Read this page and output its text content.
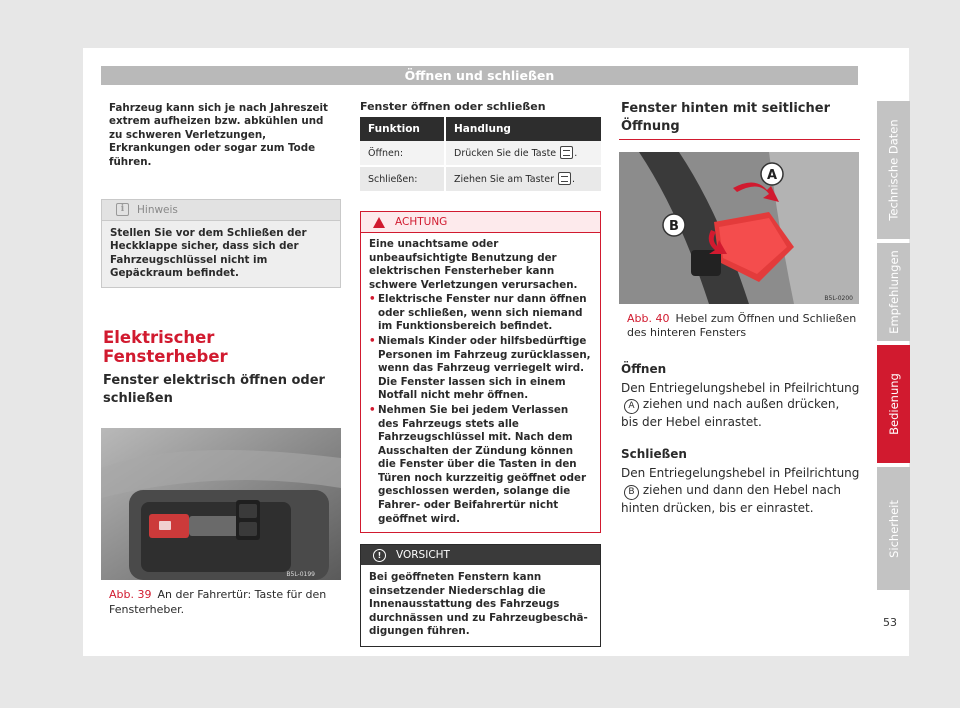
Öffnen und schließen
Fahrzeug kann sich je nach Jahreszeit extrem aufheizen bzw. abkühlen und zu schweren Verletzungen, Erkrankungen oder sogar zum Tode führen.
i	Hinweis
Stellen Sie vor dem Schließen der Heckklappe sicher, dass sich der Fahrzeugschlüssel nicht im Gepäckraum befindet.
Elektrischer Fensterheber
Fenster elektrisch öffnen oder schließen
B5L-0199
Abb. 39 An der Fahrertür: Taste für den Fensterheber.
Fenster öffnen oder schließen
Funktion	Handlung
Öffnen:	Drücken Sie die Taste .
Schließen:	Ziehen Sie am Taster .
ACHTUNG

Eine unachtsame oder unbeaufsichtigte Benutzung der elektrischen Fensterheber kann schwere Verletzungen verursachen.

• Elektrische Fenster nur dann öffnen oder schließen, wenn sich niemand im Funktionsbereich befindet.
• Niemals Kinder oder hilfsbedürftige Personen im Fahrzeug zurücklassen, wenn das Fahrzeug verriegelt wird. Die Fenster lassen sich in einem Notfall nicht mehr öffnen.
• Nehmen Sie bei jedem Verlassen des Fahrzeugs stets alle Fahrzeugschlüssel mit. Nach dem Ausschalten der Zündung können die Fenster über die Tasten in den Türen noch kurzzeitig geöffnet oder geschlossen werden, solange die Fahrer- oder Beifahrertür nicht geöffnet wird.
!	VORSICHT
Bei geöffneten Fenstern kann einsetzender Niederschlag die Innenausstattung des Fahrzeugs durchnässen und zu Fahrzeugbeschädigungen führen.
Fenster hinten mit seitlicher Öffnung
A
B
B5L-0200
Abb. 40 Hebel zum Öffnen und Schließen des hinteren Fensters

Öffnen

Den Entriegelungshebel in PfeilrichtungA ziehen und nach außen drücken, bis der Hebel einrastet.

Schließen

Den Entriegelungshebel in PfeilrichtungB ziehen und dann den Hebel nach hinten drücken, bis er einrastet.

Technische Daten
Empfehlungen
Bedienung
Sicherheit
53
